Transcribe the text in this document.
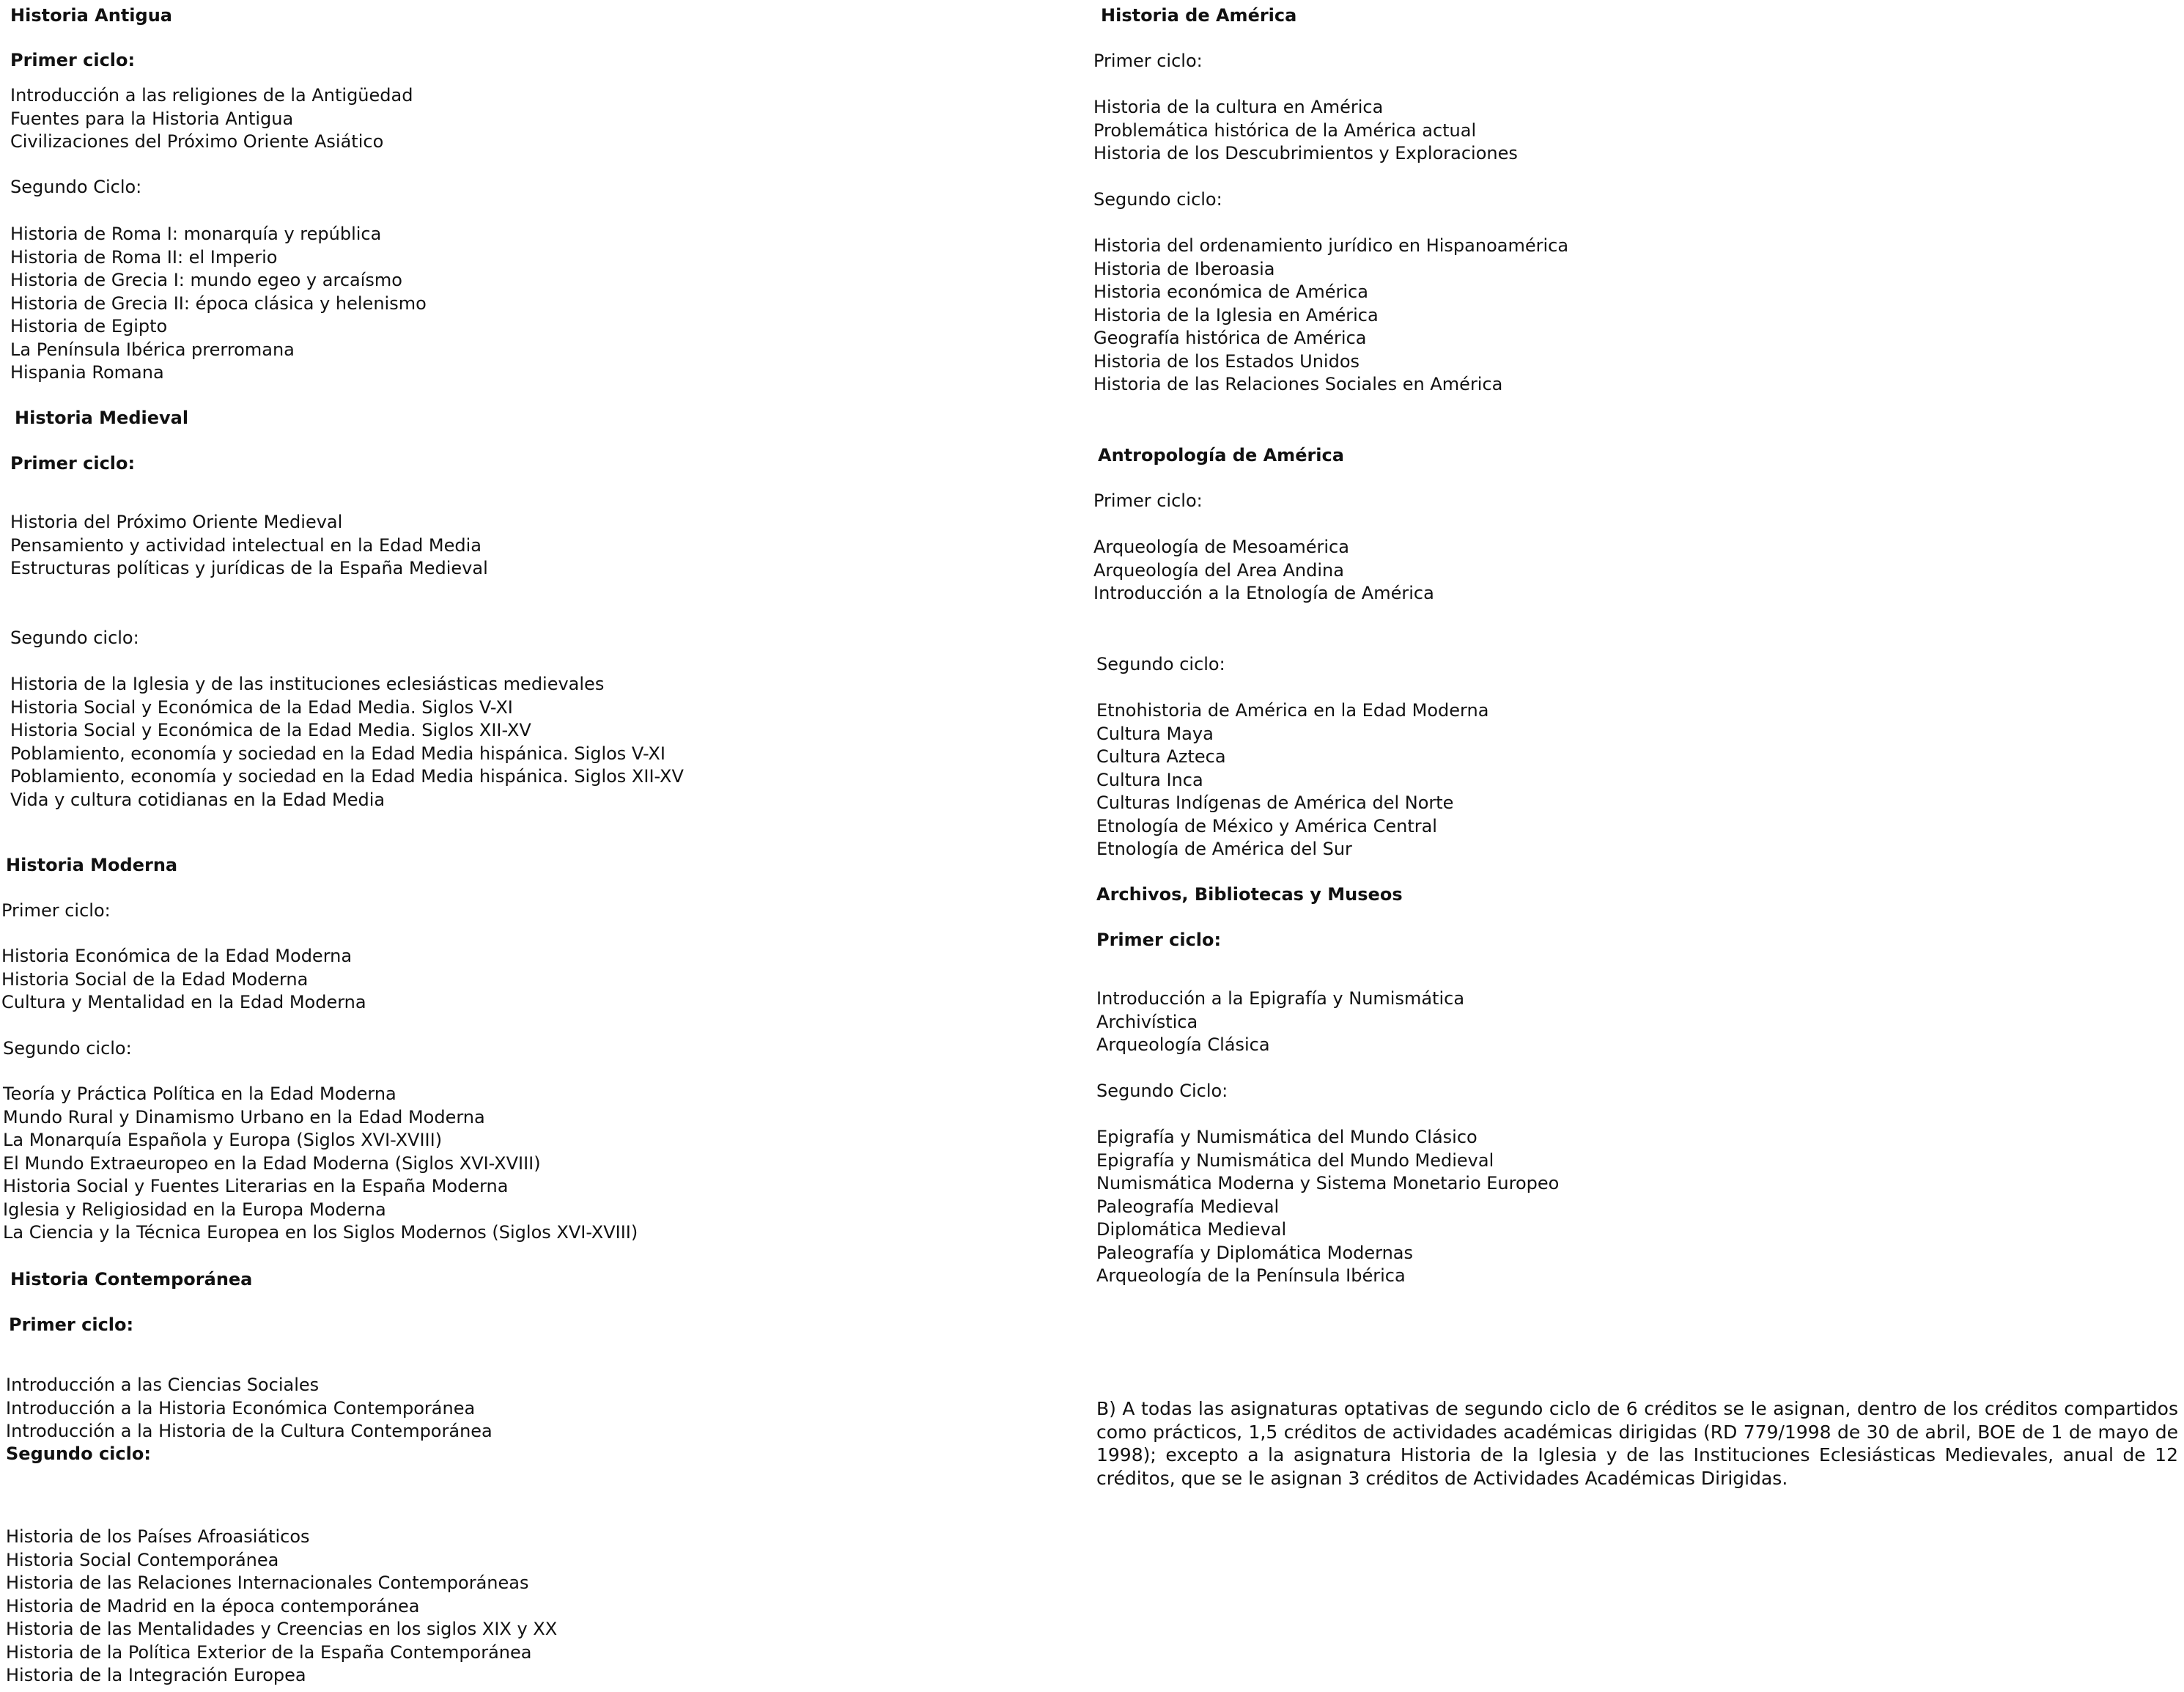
Historia Antigua
Primer ciclo:
Introducción a las religiones de la Antigüedad
Fuentes para la Historia Antigua
Civilizaciones del Próximo Oriente Asiático
Segundo Ciclo:
Historia de Roma I: monarquía y república
Historia de Roma II: el Imperio
Historia de Grecia I: mundo egeo y arcaísmo
Historia de Grecia II: época clásica y helenismo
Historia de Egipto
La Península Ibérica prerromana
Hispania Romana
Historia Medieval
Primer ciclo:
Historia del Próximo Oriente Medieval
Pensamiento y actividad intelectual en la Edad Media
Estructuras políticas y jurídicas de la España Medieval
Segundo ciclo:
Historia de la Iglesia y de las instituciones eclesiásticas medievales
Historia Social y Económica de la Edad Media. Siglos V-XI
Historia Social y Económica de la Edad Media. Siglos XII-XV
Poblamiento, economía y sociedad en la Edad Media hispánica. Siglos V-XI
Poblamiento, economía y sociedad en la Edad Media hispánica. Siglos XII-XV
Vida y cultura cotidianas en la Edad Media
Historia Moderna
Primer ciclo:
Historia Económica de la Edad Moderna
Historia Social de la Edad Moderna
Cultura y Mentalidad en la Edad Moderna
Segundo ciclo:
Teoría y Práctica Política en la Edad Moderna
Mundo Rural y Dinamismo Urbano en la Edad Moderna
La Monarquía Española y Europa (Siglos XVI-XVIII)
El Mundo Extraeuropeo en la Edad Moderna (Siglos XVI-XVIII)
Historia Social y Fuentes Literarias en la España Moderna
Iglesia y Religiosidad en la Europa Moderna
La Ciencia y la Técnica Europea en los Siglos Modernos (Siglos XVI-XVIII)
Historia Contemporánea
Primer ciclo:
Introducción a las Ciencias Sociales
Introducción a la Historia Económica Contemporánea
Introducción a la Historia de la Cultura Contemporánea
Segundo ciclo:
Historia de los Países Afroasiáticos
Historia Social Contemporánea
Historia de las Relaciones Internacionales Contemporáneas
Historia de Madrid en la época contemporánea
Historia de las Mentalidades y Creencias en los siglos XIX y XX
Historia de la Política Exterior de la España Contemporánea
Historia de la Integración Europea
Historia de América
Primer ciclo:
Historia de la cultura en América
Problemática histórica de la América actual
Historia de los Descubrimientos y Exploraciones
Segundo ciclo:
Historia del ordenamiento jurídico en Hispanoamérica
Historia de Iberoasia
Historia económica de América
Historia de la Iglesia en América
Geografía histórica de América
Historia de los Estados Unidos
Historia de las Relaciones Sociales en América
Antropología de América
Primer ciclo:
Arqueología de Mesoamérica
Arqueología del Area Andina
Introducción a la Etnología de América
Segundo ciclo:
Etnohistoria de América en la Edad Moderna
Cultura Maya
Cultura Azteca
Cultura Inca
Culturas Indígenas de América del Norte
Etnología de México y América Central
Etnología de América del Sur
Archivos, Bibliotecas y Museos
Primer ciclo:
Introducción a la Epigrafía y Numismática
Archivística
Arqueología Clásica
Segundo Ciclo:
Epigrafía y Numismática del Mundo Clásico
Epigrafía y Numismática del Mundo Medieval
Numismática Moderna y Sistema Monetario Europeo
Paleografía Medieval
Diplomática Medieval
Paleografía y Diplomática Modernas
Arqueología de la Península Ibérica

B) A todas las asignaturas optativas de segundo ciclo de 6 créditos se le asignan, dentro de los créditos compartidos como prácticos, 1,5 créditos de actividades académicas dirigidas (RD 779/1998 de 30 de abril, BOE de 1 de mayo de 1998); excepto a la asignatura Historia de la Iglesia y de las Instituciones Eclesiásticas Medievales, anual de 12 créditos, que se le asignan 3 créditos de Actividades Académicas Dirigidas.
